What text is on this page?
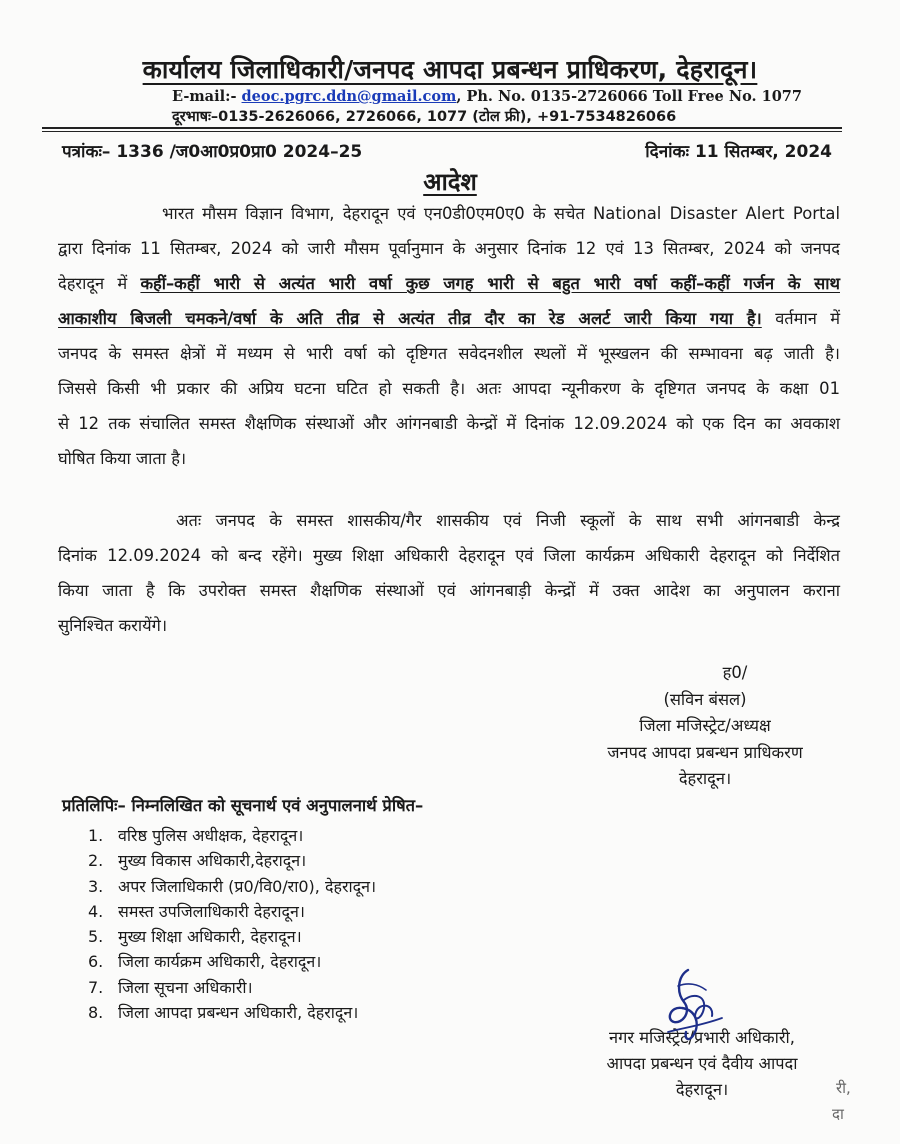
कार्यालय जिलाधिकारी/जनपद आपदा प्रबन्धन प्राधिकरण, देहरादून।
E-mail:- deoc.pgrc.ddn@gmail.com, Ph. No. 0135-2726066 Toll Free No. 1077
दूरभाषः–0135-2626066, 2726066, 1077 (टोल फ्री), +91-7534826066
पत्रांकः– 1336 /ज0आ0प्र0प्रा0 2024–25	दिनांकः 11 सितम्बर, 2024
आदेश
भारत मौसम विज्ञान विभाग, देहरादून एवं एन0डी0एम0ए0 के सचेत National Disaster Alert Portal
द्वारा दिनांक 11 सितम्बर, 2024 को जारी मौसम पूर्वानुमान के अनुसार दिनांक 12 एवं 13 सितम्बर, 2024 को जनपद
देहरादून में कहीं–कहीं भारी से अत्यंत भारी वर्षा कुछ जगह भारी से बहुत भारी वर्षा कहीं–कहीं गर्जन के साथ
आकाशीय बिजली चमकने/वर्षा के अति तीव्र से अत्यंत तीव्र दौर का रेड अलर्ट जारी किया गया है। वर्तमान में
जनपद के समस्त क्षेत्रों में मध्यम से भारी वर्षा को दृष्टिगत सवेदनशील स्थलों में भूस्खलन की सम्भावना बढ़ जाती है।
जिससे किसी भी प्रकार की अप्रिय घटना घटित हो सकती है। अतः आपदा न्यूनीकरण के दृष्टिगत जनपद के कक्षा 01
से 12 तक संचालित समस्त शैक्षणिक संस्थाओं और आंगनबाडी केन्द्रों में दिनांक 12.09.2024 को एक दिन का अवकाश
घोषित किया जाता है।
अतः जनपद के समस्त शासकीय/गैर शासकीय एवं निजी स्कूलों के साथ सभी आंगनबाडी केन्द्र
दिनांक 12.09.2024 को बन्द रहेंगे। मुख्य शिक्षा अधिकारी देहरादून एवं जिला कार्यक्रम अधिकारी देहरादून को निर्देशित
किया जाता है कि उपरोक्त समस्त शैक्षणिक संस्थाओं एवं आंगनबाड़ी केन्द्रों में उक्त आदेश का अनुपालन कराना
सुनिश्चित करायेंगे।
ह0/
(सविन बंसल)
जिला मजिस्ट्रेट/अध्यक्ष
जनपद आपदा प्रबन्धन प्राधिकरण
देहरादून।
प्रतिलिपिः– निम्नलिखित को सूचनार्थ एवं अनुपालनार्थ प्रेषित–
1. वरिष्ठ पुलिस अधीक्षक, देहरादून।
2. मुख्य विकास अधिकारी,देहरादून।
3. अपर जिलाधिकारी (प्र0/वि0/रा0), देहरादून।
4. समस्त उपजिलाधिकारी देहरादून।
5. मुख्य शिक्षा अधिकारी, देहरादून।
6. जिला कार्यक्रम अधिकारी, देहरादून।
7. जिला सूचना अधिकारी।
8. जिला आपदा प्रबन्धन अधिकारी, देहरादून।
नगर मजिस्ट्रेट/प्रभारी अधिकारी,
आपदा प्रबन्धन एवं दैवीय आपदा
देहरादून।	री,
दा
